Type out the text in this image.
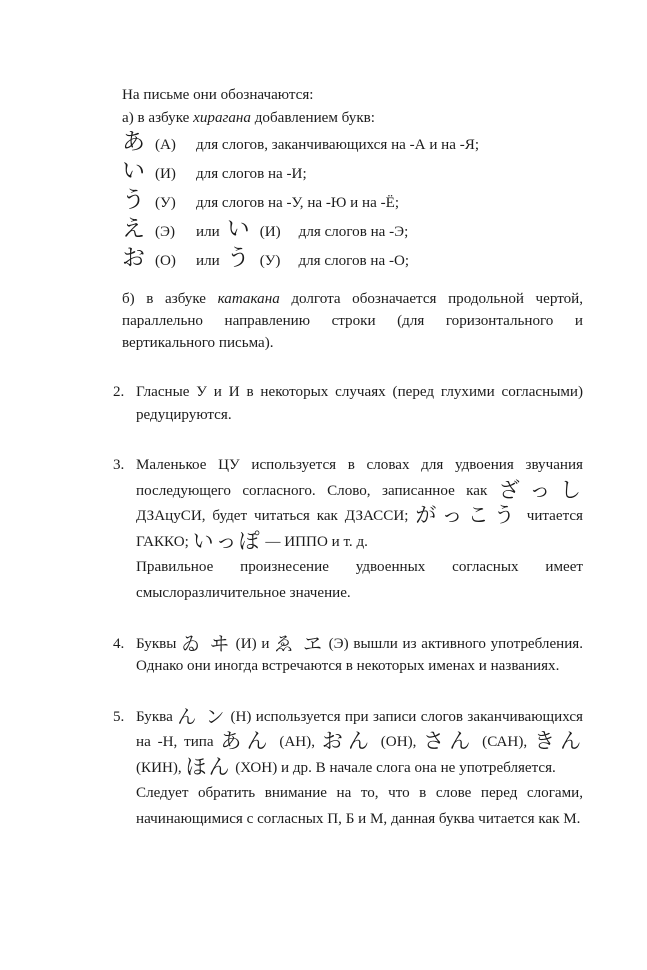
На письме они обозначаются:

а) в азбуке хирагана добавлением букв:

あ (А)	для слогов, заканчивающихся на -А и на -Я;
い (И)	для слогов на -И;
う (У)	для слогов на -У, на -Ю и на -Ё;
え (Э)	или い (И) для слогов на -Э;
お (О)	или う (У) для слогов на -О;

б) в азбуке катакана долгота обозначается продольной чертой, параллельно направлению строки (для горизонтального и вертикального письма).

2. Гласные У и И в некоторых случаях (перед глухими согласными) редуцируются.

3. Маленькое ЦУ используется в словах для удвоения звучания последующего согласного. Слово, записанное как ざっしДЗАцуСИ, будет читаться как ДЗАССИ; がっこう читается ГАККО; いっぽ — ИППО и т. д.

Правильное произнесение удвоенных согласных имеет смыслоразличительное значение.

4. Буквы ゐ ヰ (И) и ゑ ヱ (Э) вышли из активного употребления. Однако они иногда встречаются в некоторых именах и названиях.

5. Буква ん ン (Н) используется при записи слогов заканчивающихся на -Н, типа あん (АН), おん (ОН), さん (САН), きん (КИН), ほん (ХОН) и др. В начале слога она не употребляется.

Следует обратить внимание на то, что в слове перед слогами, начинающимися с согласных П, Б и М, данная буква читается как М.
